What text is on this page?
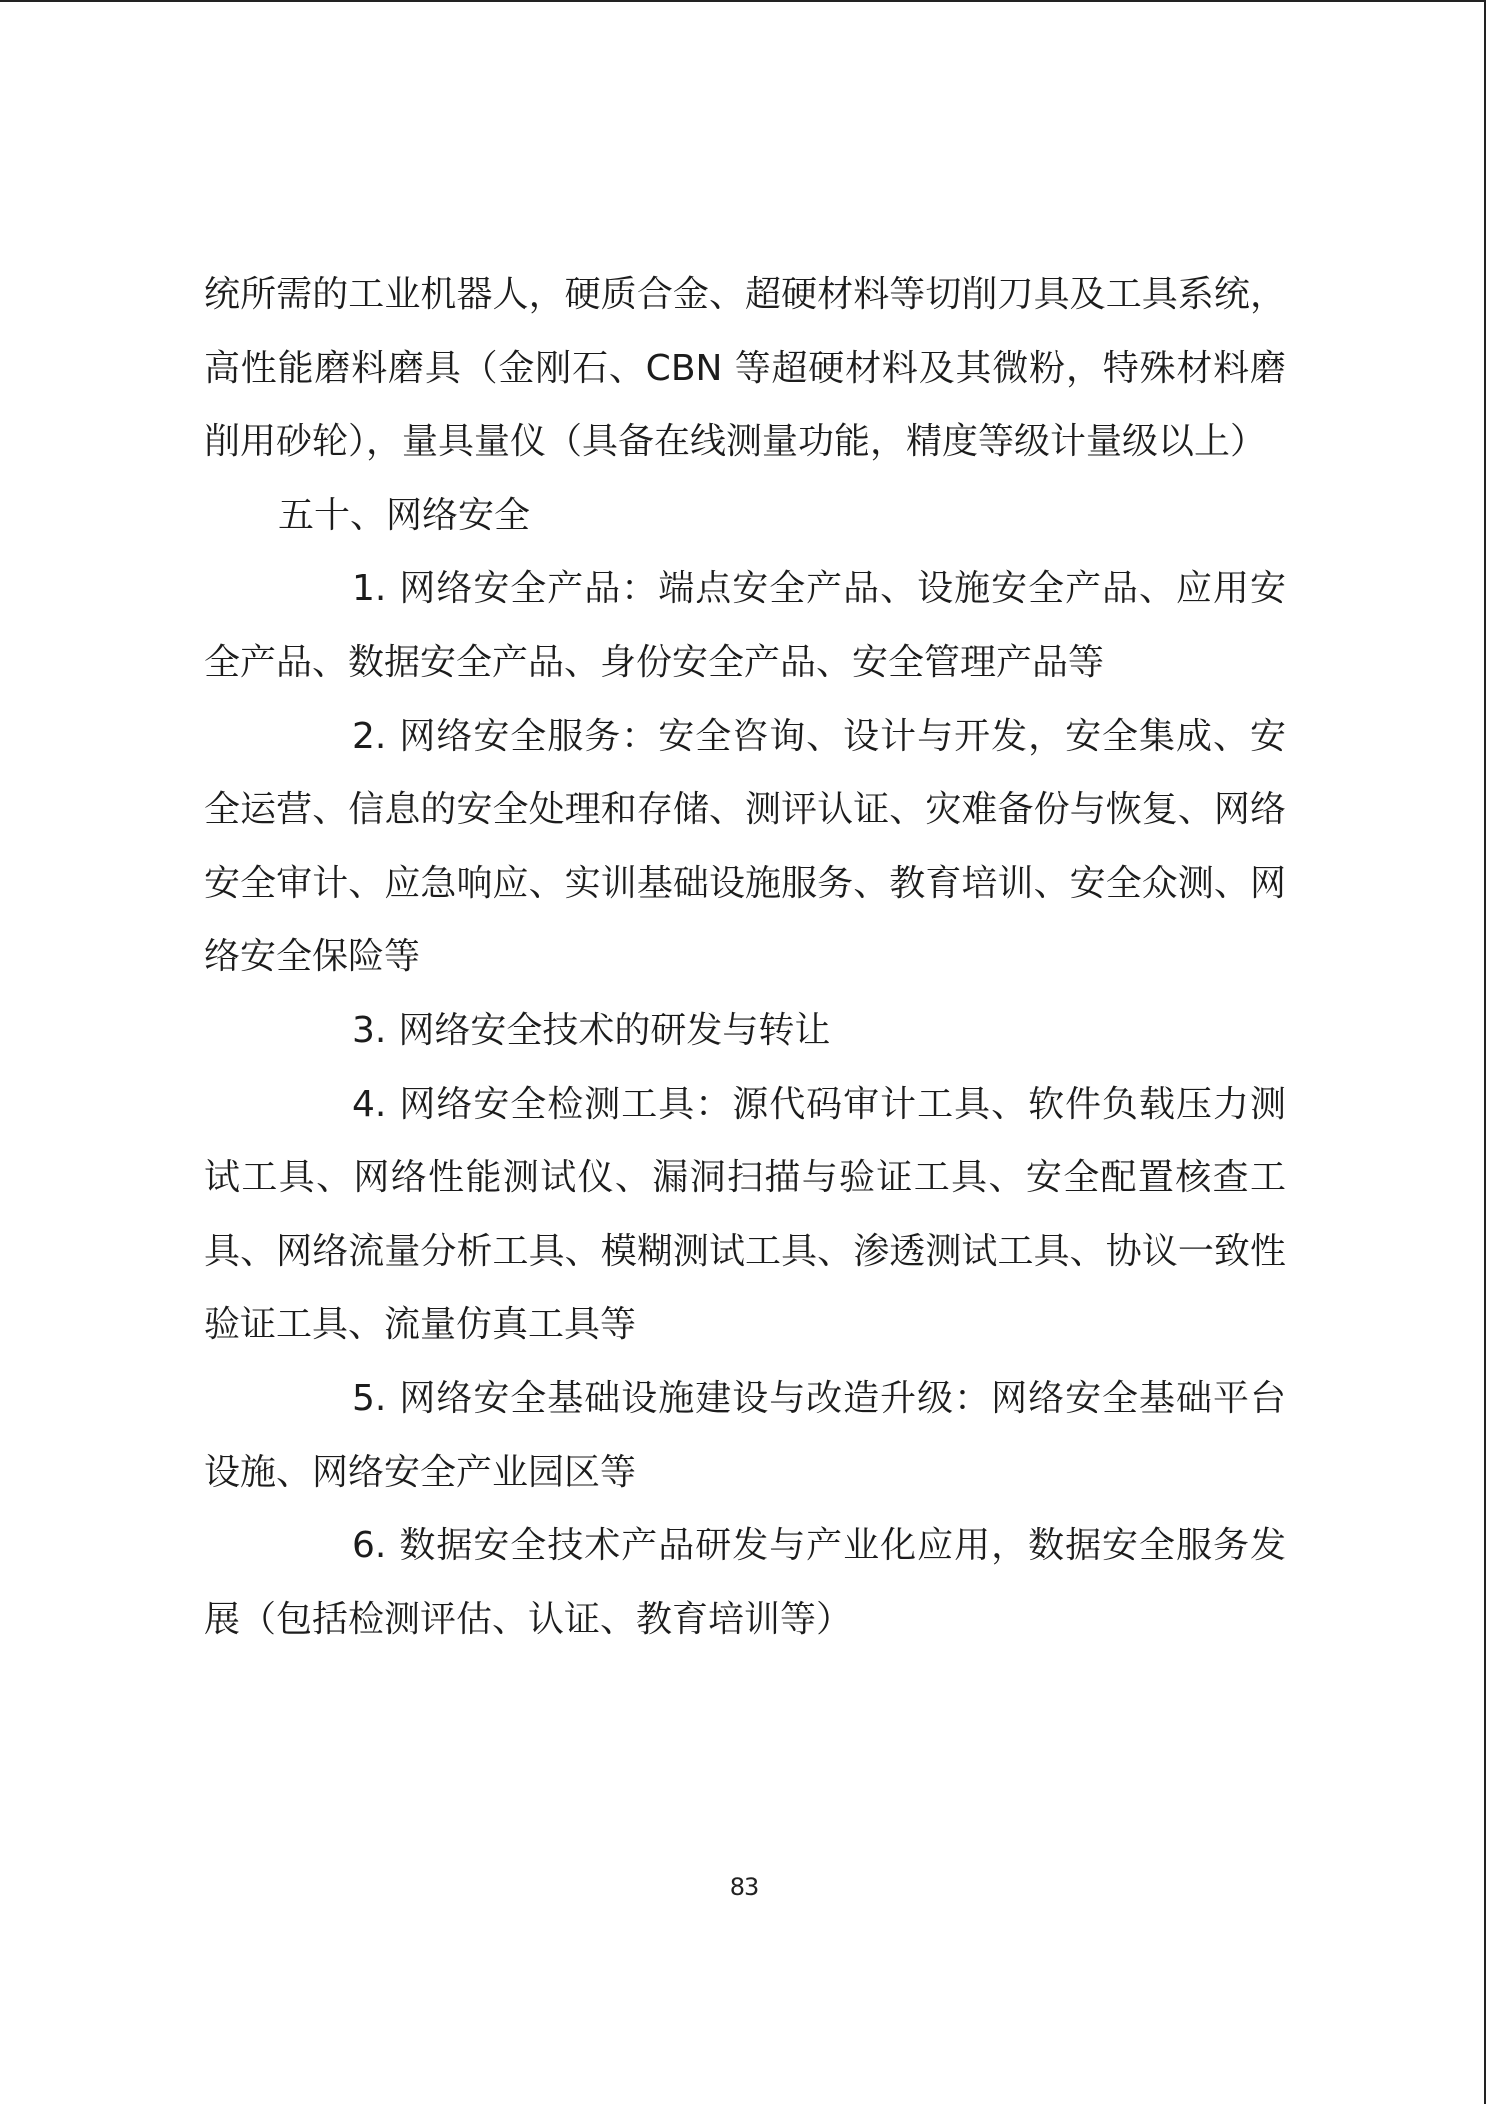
统所需的工业机器人，硬质合金、超硬材料等切削刀具及工具系统，高性能磨料磨具（金刚石、CBN 等超硬材料及其微粉，特殊材料磨削用砂轮），量具量仪（具备在线测量功能，精度等级计量级以上）

五十、网络安全

1. 网络安全产品：端点安全产品、设施安全产品、应用安全产品、数据安全产品、身份安全产品、安全管理产品等

2. 网络安全服务：安全咨询、设计与开发，安全集成、安全运营、信息的安全处理和存储、测评认证、灾难备份与恢复、网络安全审计、应急响应、实训基础设施服务、教育培训、安全众测、网络安全保险等

3. 网络安全技术的研发与转让

4. 网络安全检测工具：源代码审计工具、软件负载压力测试工具、网络性能测试仪、漏洞扫描与验证工具、安全配置核查工具、网络流量分析工具、模糊测试工具、渗透测试工具、协议一致性验证工具、流量仿真工具等

5. 网络安全基础设施建设与改造升级：网络安全基础平台设施、网络安全产业园区等

6. 数据安全技术产品研发与产业化应用，数据安全服务发展（包括检测评估、认证、教育培训等）

83
